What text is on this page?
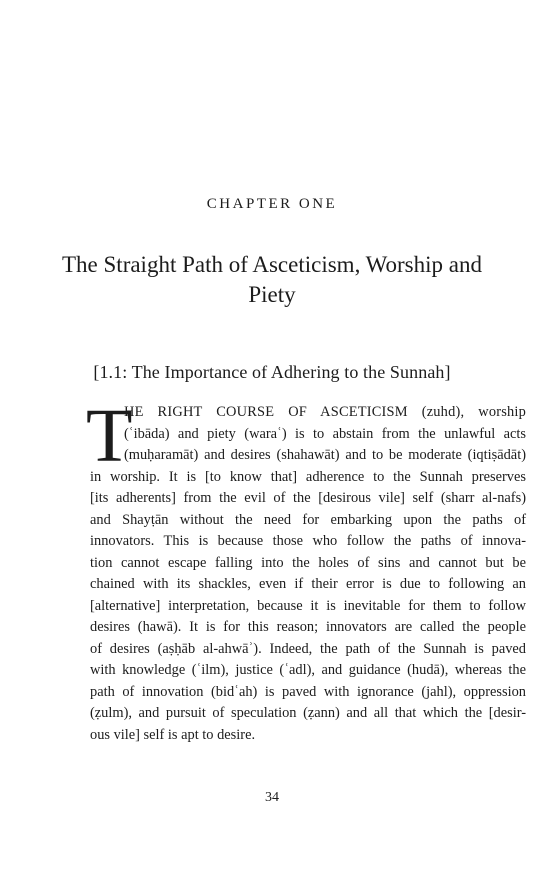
CHAPTER ONE
The Straight Path of Asceticism, Worship and Piety
[1.1: The Importance of Adhering to the Sunnah]
T
HE RIGHT COURSE OF ASCETICISM (zuhd), worship
(ʿibāda) and piety (waraʿ) is to abstain from the unlawful acts
(muḥaramāt) and desires (shahawāt) and to be moderate (iqtiṣādāt)
in worship. It is [to know that] adherence to the Sunnah preserves
[its adherents] from the evil of the [desirous vile] self (sharr al-nafs)
and Shayṭān without the need for embarking upon the paths of
innovators. This is because those who follow the paths of innova-
tion cannot escape falling into the holes of sins and cannot but be
chained with its shackles, even if their error is due to following an
[alternative] interpretation, because it is inevitable for them to follow
desires (hawā). It is for this reason; innovators are called the people
of desires (aṣḥāb al-ahwāʾ). Indeed, the path of the Sunnah is paved
with knowledge (ʿilm), justice (ʿadl), and guidance (hudā), whereas the
path of innovation (bidʿah) is paved with ignorance (jahl), oppression
(ẓulm), and pursuit of speculation (ẓann) and all that which the [desir-
ous vile] self is apt to desire.
34
